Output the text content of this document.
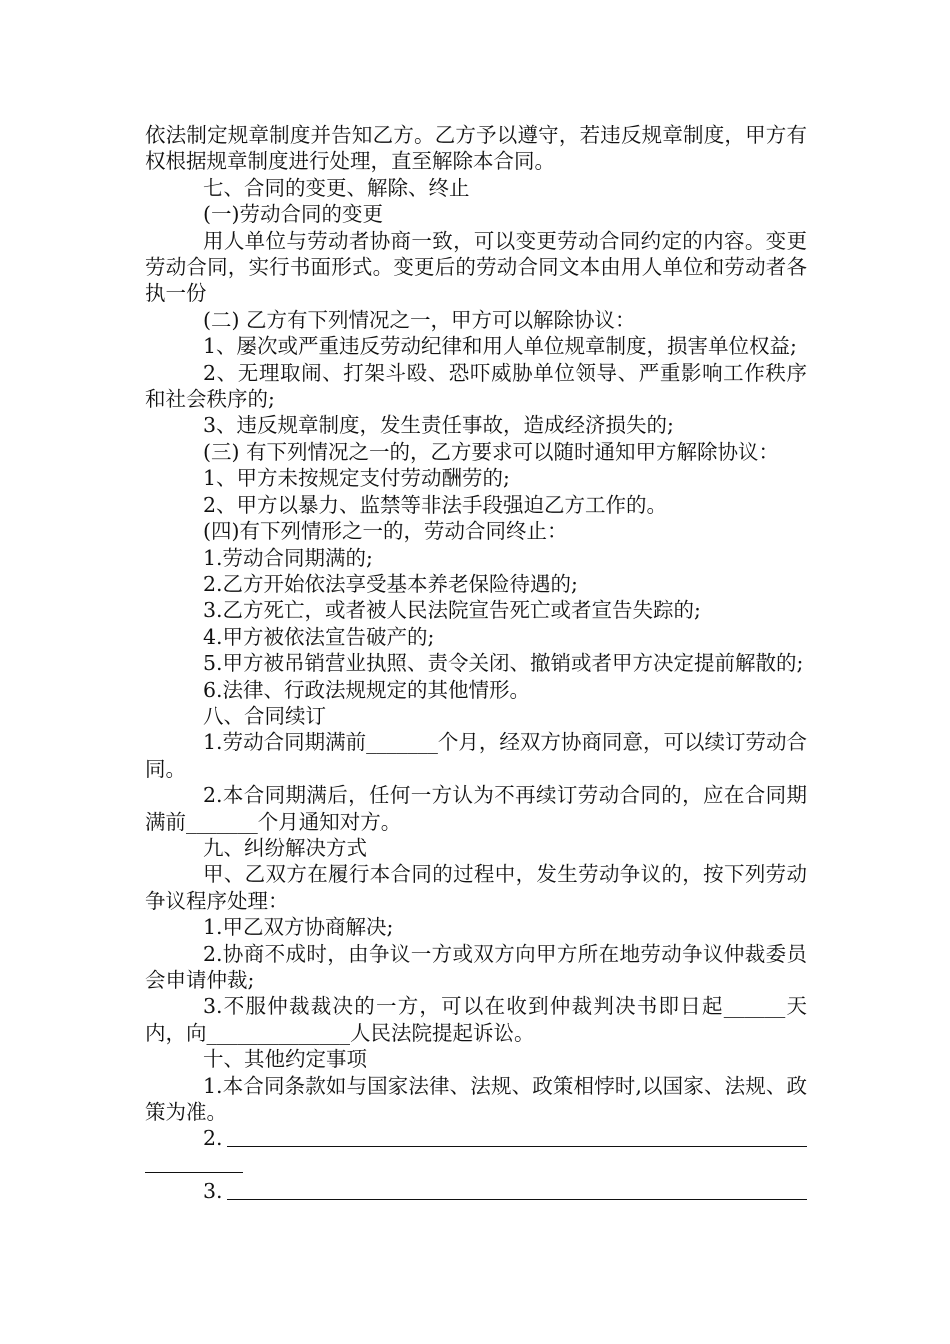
依法制定规章制度并告知乙方。乙方予以遵守，若违反规章制度，甲方有权根据规章制度进行处理，直至解除本合同。

七、合同的变更、解除、终止

(一)劳动合同的变更

用人单位与劳动者协商一致，可以变更劳动合同约定的内容。变更劳动合同，实行书面形式。变更后的劳动合同文本由用人单位和劳动者各执一份

(二) 乙方有下列情况之一，甲方可以解除协议：

1、屡次或严重违反劳动纪律和用人单位规章制度，损害单位权益;

2、无理取闹、打架斗殴、恐吓威胁单位领导、严重影响工作秩序和社会秩序的;

3、违反规章制度，发生责任事故，造成经济损失的;

(三) 有下列情况之一的，乙方要求可以随时通知甲方解除协议：

1、甲方未按规定支付劳动酬劳的;

2、甲方以暴力、监禁等非法手段强迫乙方工作的。

(四)有下列情形之一的，劳动合同终止：

1.劳动合同期满的;

2.乙方开始依法享受基本养老保险待遇的;

3.乙方死亡，或者被人民法院宣告死亡或者宣告失踪的;

4.甲方被依法宣告破产的;

5.甲方被吊销营业执照、责令关闭、撤销或者甲方决定提前解散的;

6.法律、行政法规规定的其他情形。

八、合同续订

1.劳动合同期满前_______个月，经双方协商同意，可以续订劳动合同。

2.本合同期满后，任何一方认为不再续订劳动合同的，应在合同期满前_______个月通知对方。

九、纠纷解决方式

甲、乙双方在履行本合同的过程中，发生劳动争议的，按下列劳动争议程序处理：

1.甲乙双方协商解决;

2.协商不成时，由争议一方或双方向甲方所在地劳动争议仲裁委员会申请仲裁;

3.不服仲裁裁决的一方，可以在收到仲裁判决书即日起______天内，向______________人民法院提起诉讼。

十、其他约定事项

1.本合同条款如与国家法律、法规、政策相悖时,以国家、法规、政策为准。

2.
3.
